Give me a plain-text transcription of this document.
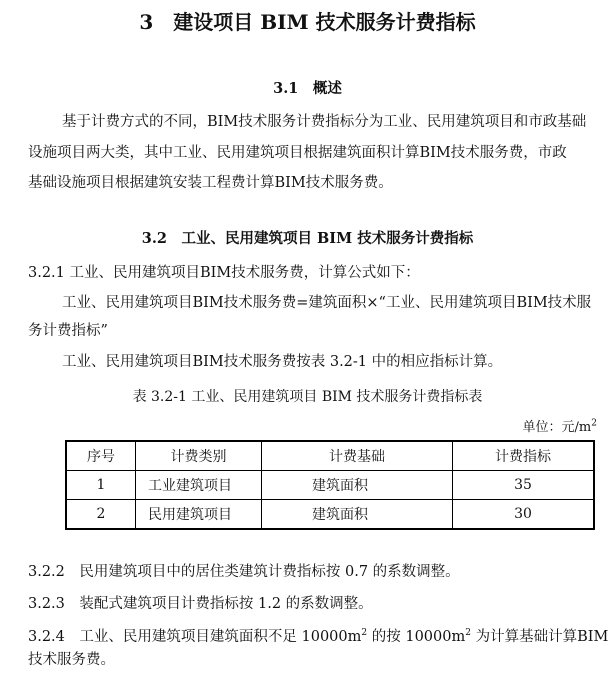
3　建设项目 BIM 技术服务计费指标
3.1　概述
基于计费方式的不同，BIM技术服务计费指标分为工业、民用建筑项目和市政基础
设施项目两大类，其中工业、民用建筑项目根据建筑面积计算BIM技术服务费，市政
基础设施项目根据建筑安装工程费计算BIM技术服务费。
3.2　工业、民用建筑项目 BIM 技术服务计费指标
3.2.1 工业、民用建筑项目BIM技术服务费，计算公式如下：
工业、民用建筑项目BIM技术服务费=建筑面积×“工业、民用建筑项目BIM技术服
务计费指标”
工业、民用建筑项目BIM技术服务费按表 3.2-1 中的相应指标计算。
表 3.2-1 工业、民用建筑项目 BIM 技术服务计费指标表
单位：元$/m^2$
序号	计费类别	计费基础	计费指标
1	工业建筑项目	建筑面积	35
2	民用建筑项目	建筑面积	30
3.2.2　民用建筑项目中的居住类建筑计费指标按 0.7 的系数调整。
3.2.3　装配式建筑项目计费指标按 1.2 的系数调整。
3.2.4　工业、民用建筑项目建筑面积不足 $10000m^2$ 的按 $10000m^2$ 为计算基础计算BIM
技术服务费。
